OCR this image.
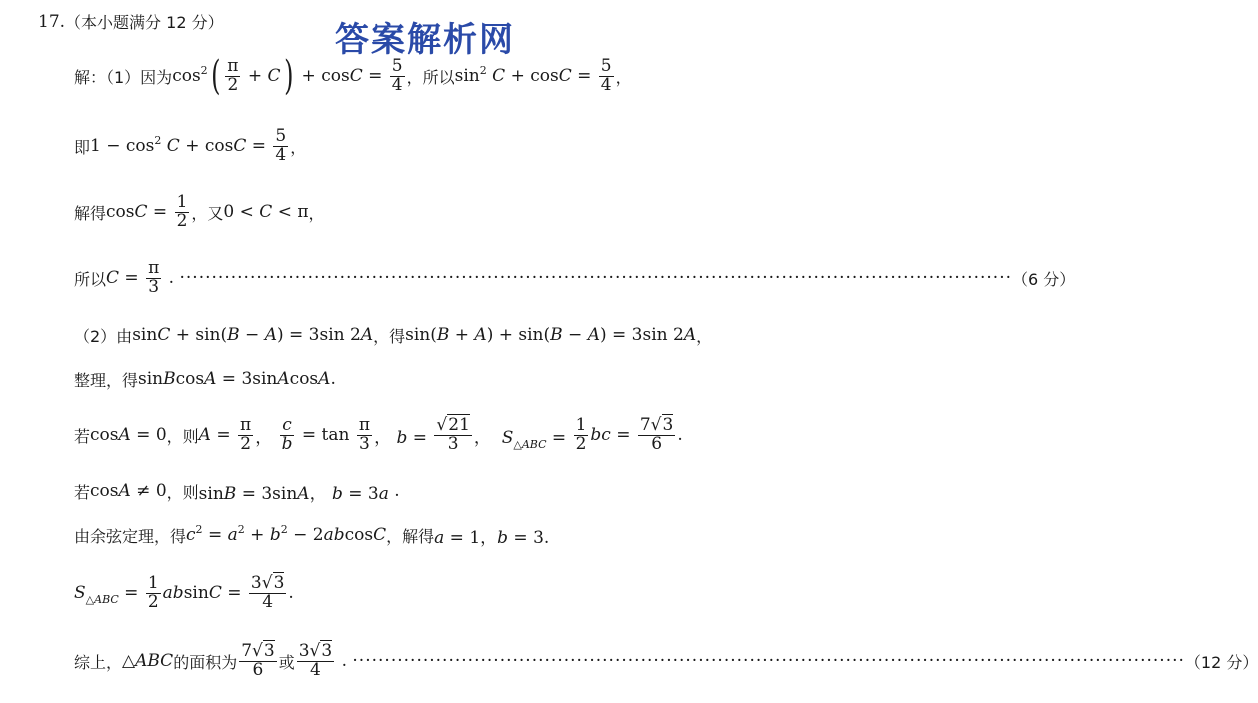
答案解析网
17. （本小题满分 12 分）
解：（1）因为 $\cos^2$ ( $\frac{\pi}{2} + C$ ) + $\cos C = \frac{5}{4}$ ，所以 $\sin^2 C + \cos C = \frac{5}{4}$ ，
即 $1 - \cos^2 C + \cos C = \frac{5}{4}$ ，
解得 $\cos C = \frac{1}{2}$ ，又 0 < C < π ，
所以 $C = \frac{\pi}{3}$ . ·································································································································· （6 分）
（2）由 sinC + sin(B − A) = 3sin 2A ，得 sin(B + A) + sin(B − A) = 3sin 2A ，
整理，得 sinBcosA = 3sinAcosA .
若 cosA = 0 ，则 $A = \frac{\pi}{2}$ ， $\frac{c}{b} = \tan \frac{\pi}{3}$ ， $b = \frac{√21}{3}$ ，  $S_{\triangle ABC} = \frac{1}{2}$ bc = $\frac{7√3}{6}$ .
若 cosA ≠ 0 ，则 sinB = 3sinA， b = 3a .
由余弦定理，得 $c^2 = a^2 + b^2 - 2abcosC$ ，解得 a = 1，b = 3.
$S_{\triangle ABC} = \frac{1}{2}$ $absinC = \frac{3√3}{4}$ .
综上， △ABC 的面积为 $\frac{7√3}{6}$ 或 $\frac{3√3}{4}$ . ·································································································································· （12 分）
